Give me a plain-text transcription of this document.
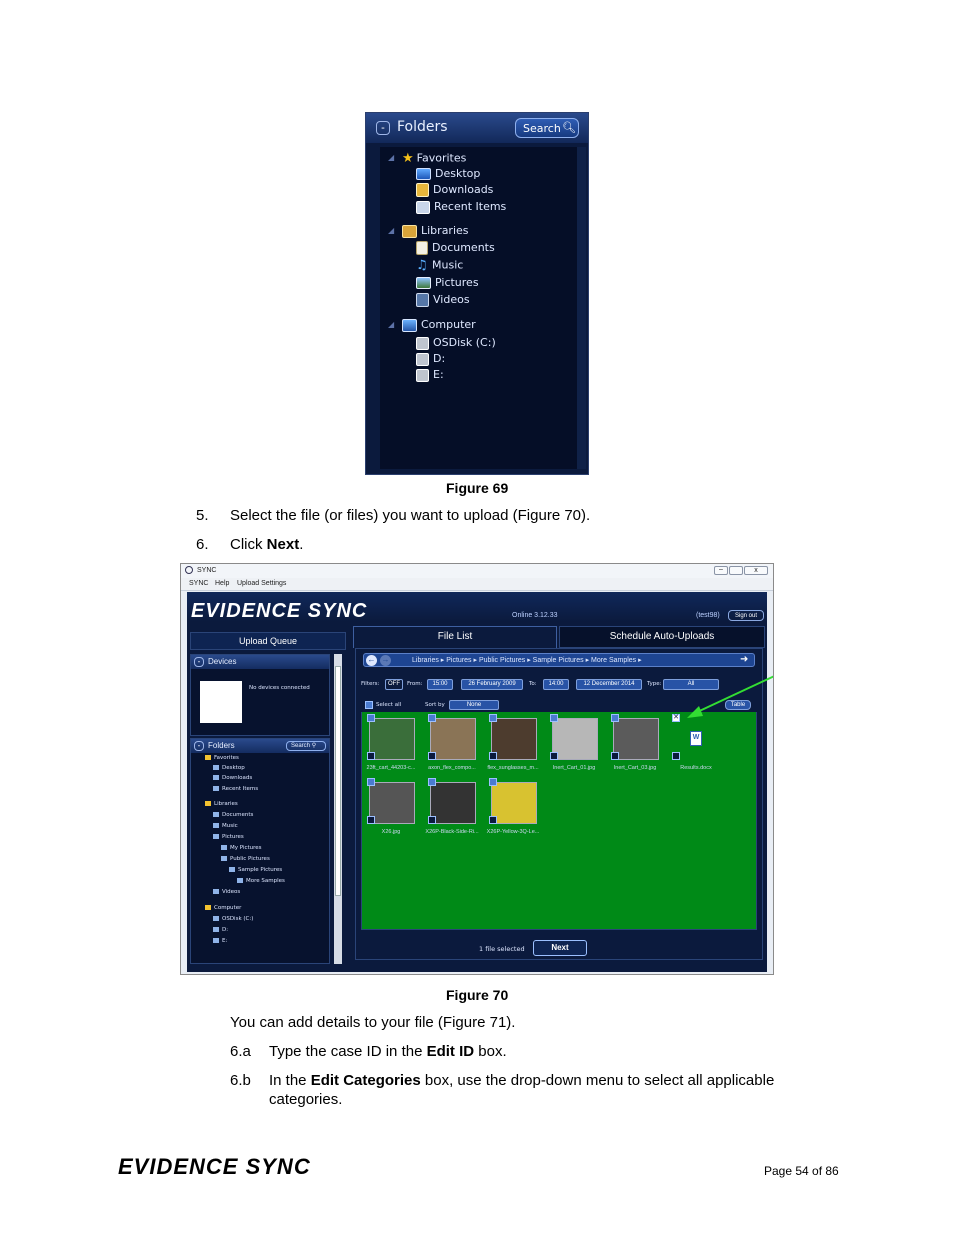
- Folders	Search 🔍︎
◢ ★ Favorites
Desktop
Downloads
Recent Items
◢	Libraries
Documents
♫ Music
Pictures
Videos
◢	Computer
OSDisk (C:)
D:
E:
Figure 69
5. Select the file (or files) you want to upload (Figure 70).
6. Click Next.
SYNC	–	x
SYNC Help Upload Settings
EVIDENCE SYNC	Online 3.12.33	(test98)	Sign out
Upload Queue
- Devices
No devices connected
- Folders	Search ⚲
Favorites
Desktop
Downloads
Recent Items
Libraries
Documents
Music
Pictures
My Pictures
Public Pictures
Sample Pictures
More Samples
Videos
Computer
OSDisk (C:)
D:
E:
File List	Schedule Auto-Uploads
← →	Libraries ▸ Pictures ▸ Public Pictures ▸ Sample Pictures ▸ More Samples ▸	➜
Filters:	OFF	From:	15:00	26 February 2009	To:	14:00	12 December 2014	Type:	All
Select all	Sort by	None	Table
23ft_cart_44203-c...	axon_flex_compo...	flex_sunglasses_m...	Inert_Cart_01.jpg	Inert_Cart_03.jpg
W
✕
Results.docx
X26.jpg	X26P-Black-Side-Ri...	X26P-Yellow-3Q-Le...
1 file selected	Next
Figure 70
You can add details to your file (Figure 71).
6.a Type the case ID in the Edit ID box.
6.b In the Edit Categories box, use the drop-down menu to select all applicable
categories.
EVIDENCE SYNC	Page 54 of 86
